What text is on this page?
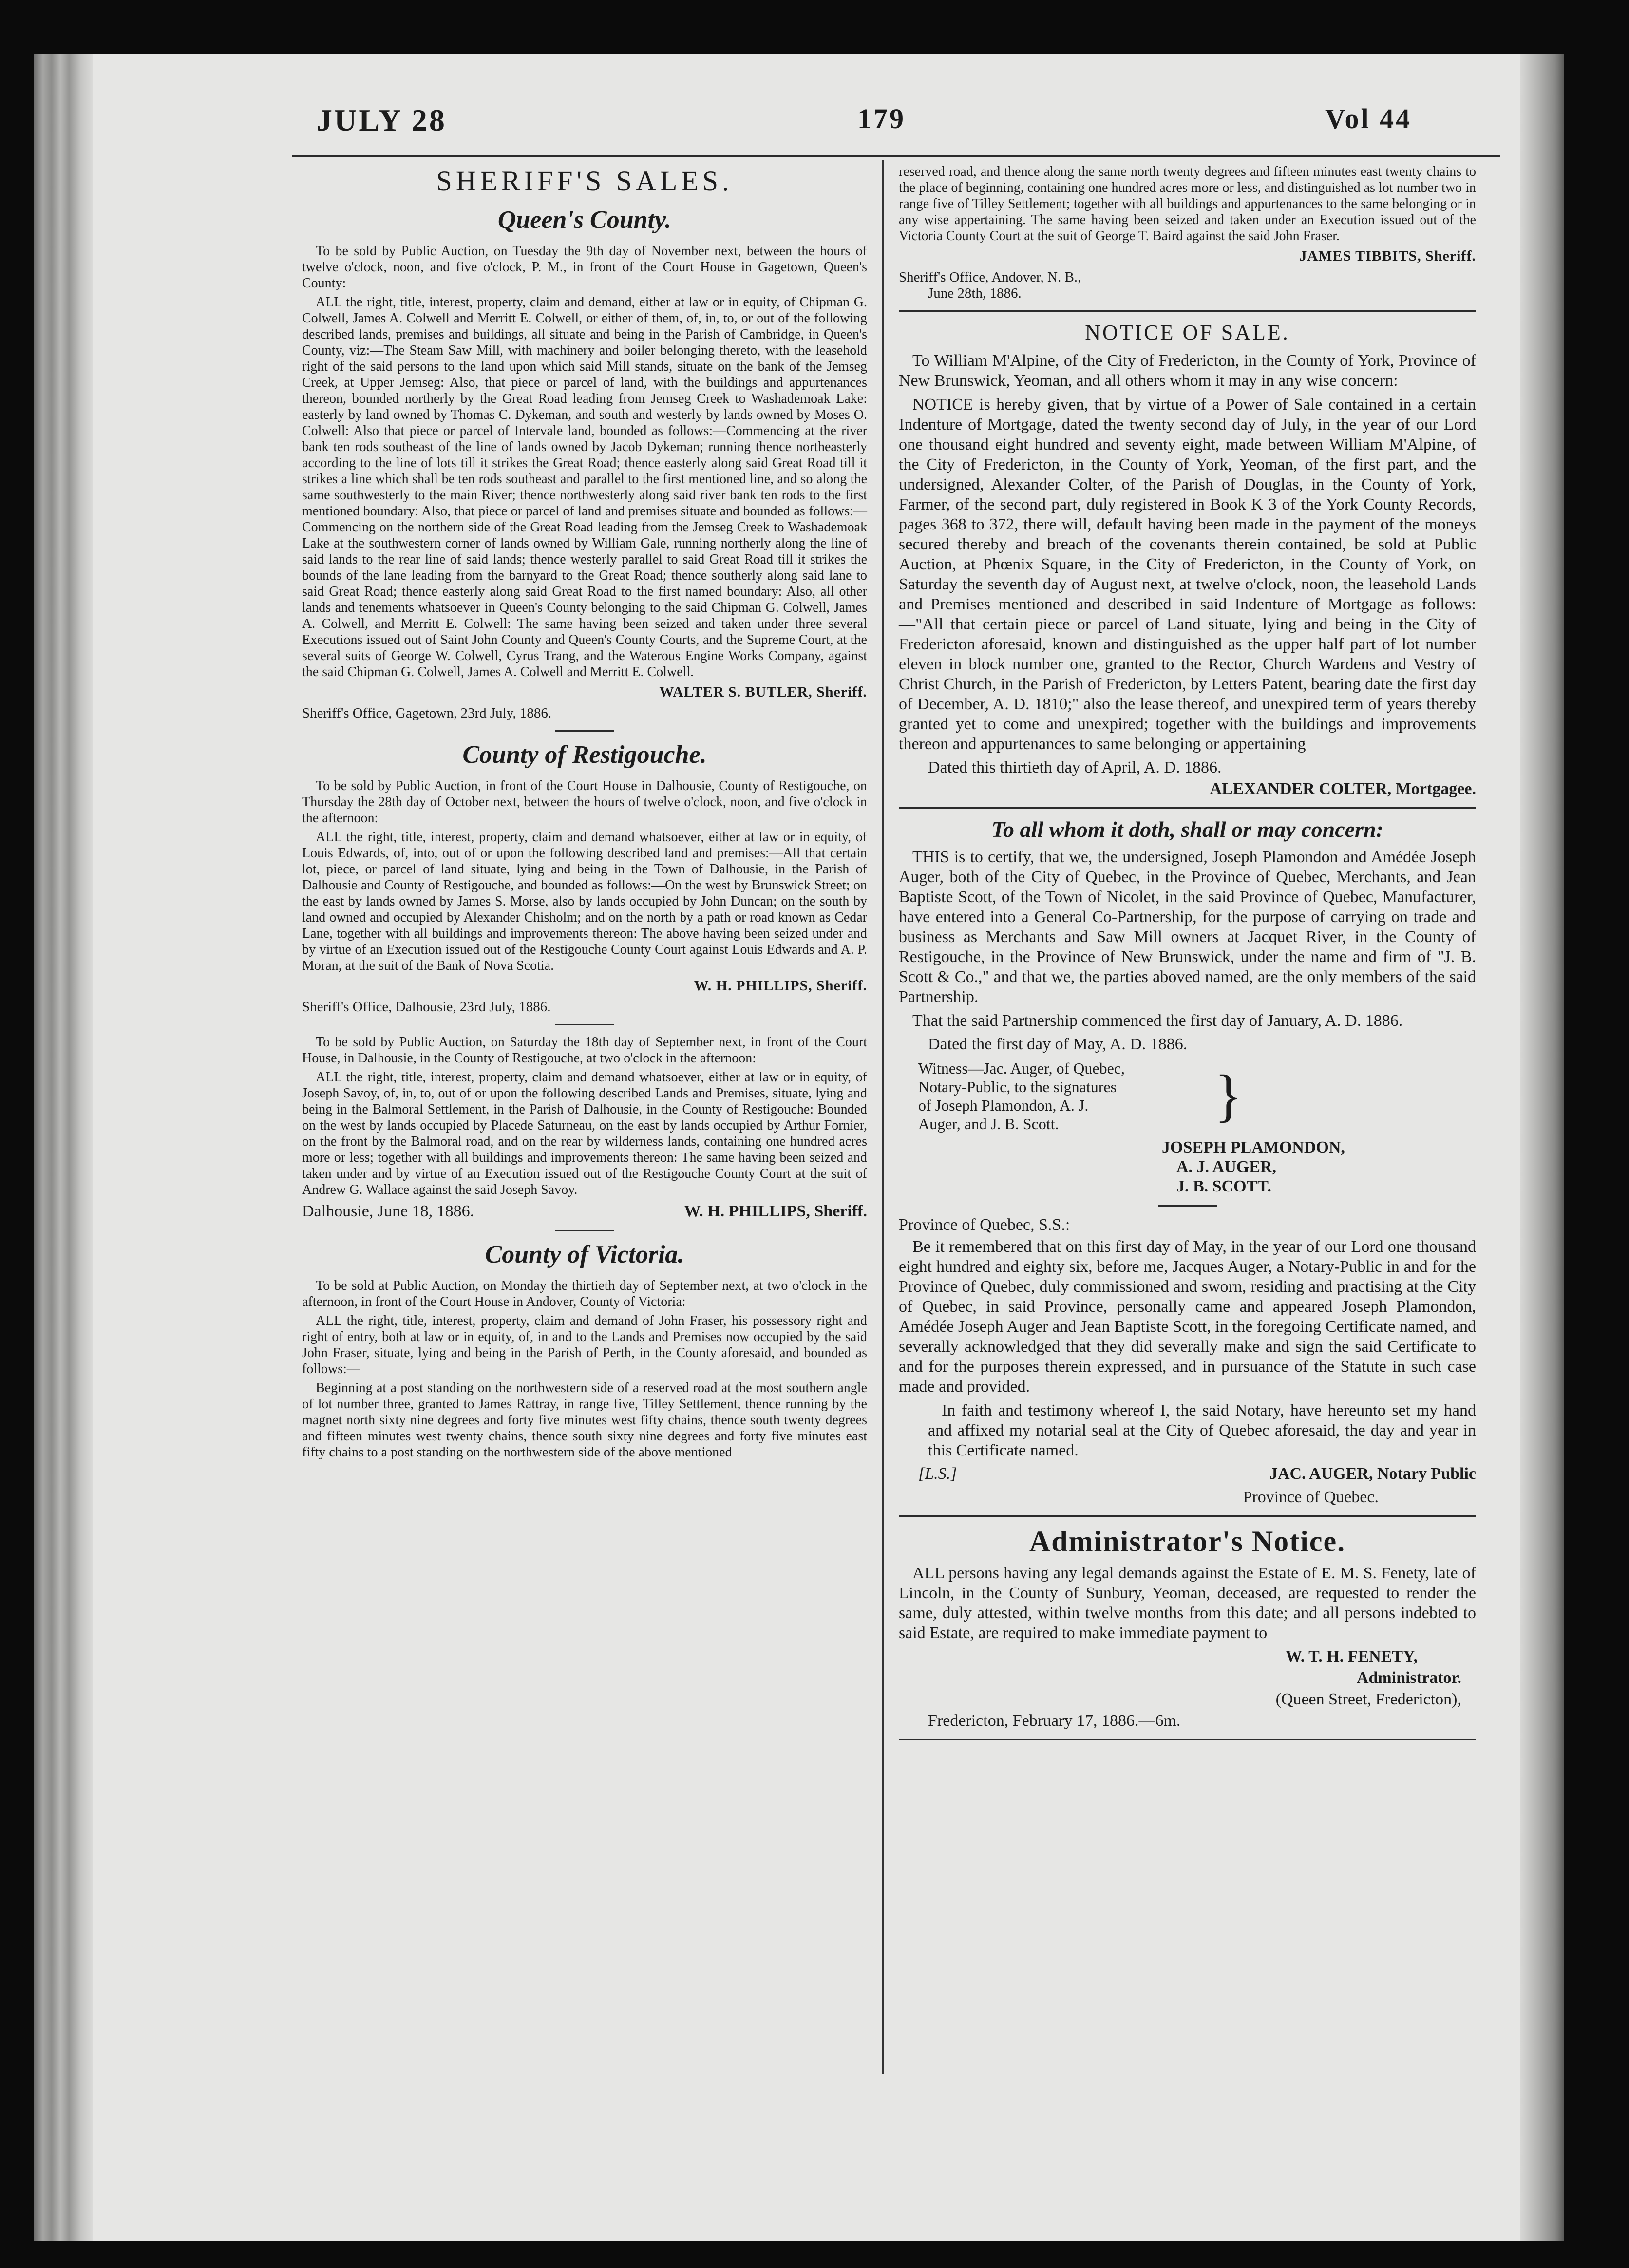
JULY 28	179	Vol 44
SHERIFF'S SALES.
Queen's County.

To be sold by Public Auction, on Tuesday the 9th day of November next, between the hours of twelve o'clock, noon, and five o'clock, P. M., in front of the Court House in Gagetown, Queen's County:

ALL the right, title, interest, property, claim and demand, either at law or in equity, of Chipman G. Colwell, James A. Colwell and Merritt E. Colwell, or either of them, of, in, to, or out of the following described lands, premises and buildings, all situate and being in the Parish of Cambridge, in Queen's County, viz:—The Steam Saw Mill, with machinery and boiler belonging thereto, with the leasehold right of the said persons to the land upon which said Mill stands, situate on the bank of the Jemseg Creek, at Upper Jemseg: Also, that piece or parcel of land, with the buildings and appurtenances thereon, bounded northerly by the Great Road leading from Jemseg Creek to Washademoak Lake: easterly by land owned by Thomas C. Dykeman, and south and westerly by lands owned by Moses O. Colwell: Also that piece or parcel of Intervale land, bounded as follows:—Commencing at the river bank ten rods southeast of the line of lands owned by Jacob Dykeman; running thence northeasterly according to the line of lots till it strikes the Great Road; thence easterly along said Great Road till it strikes a line which shall be ten rods southeast and parallel to the first mentioned line, and so along the same southwesterly to the main River; thence northwesterly along said river bank ten rods to the first mentioned boundary: Also, that piece or parcel of land and premises situate and bounded as follows:—Commencing on the northern side of the Great Road leading from the Jemseg Creek to Washademoak Lake at the southwestern corner of lands owned by William Gale, running northerly along the line of said lands to the rear line of said lands; thence westerly parallel to said Great Road till it strikes the bounds of the lane leading from the barnyard to the Great Road; thence southerly along said lane to said Great Road; thence easterly along said Great Road to the first named boundary: Also, all other lands and tenements whatsoever in Queen's County belonging to the said Chipman G. Colwell, James A. Colwell, and Merritt E. Colwell: The same having been seized and taken under three several Executions issued out of Saint John County and Queen's County Courts, and the Supreme Court, at the several suits of George W. Colwell, Cyrus Trang, and the Waterous Engine Works Company, against the said Chipman G. Colwell, James A. Colwell and Merritt E. Colwell.

WALTER S. BUTLER, Sheriff.
Sheriff's Office, Gagetown, 23rd July, 1886.
County of Restigouche.

To be sold by Public Auction, in front of the Court House in Dalhousie, County of Restigouche, on Thursday the 28th day of October next, between the hours of twelve o'clock, noon, and five o'clock in the afternoon:

ALL the right, title, interest, property, claim and demand whatsoever, either at law or in equity, of Louis Edwards, of, into, out of or upon the following described land and premises:—All that certain lot, piece, or parcel of land situate, lying and being in the Town of Dalhousie, in the Parish of Dalhousie and County of Restigouche, and bounded as follows:—On the west by Brunswick Street; on the east by lands owned by James S. Morse, also by lands occupied by John Duncan; on the south by land owned and occupied by Alexander Chisholm; and on the north by a path or road known as Cedar Lane, together with all buildings and improvements thereon: The above having been seized under and by virtue of an Execution issued out of the Restigouche County Court against Louis Edwards and A. P. Moran, at the suit of the Bank of Nova Scotia.

W. H. PHILLIPS, Sheriff.
Sheriff's Office, Dalhousie, 23rd July, 1886.

To be sold by Public Auction, on Saturday the 18th day of September next, in front of the Court House, in Dalhousie, in the County of Restigouche, at two o'clock in the afternoon:

ALL the right, title, interest, property, claim and demand whatsoever, either at law or in equity, of Joseph Savoy, of, in, to, out of or upon the following described Lands and Premises, situate, lying and being in the Balmoral Settlement, in the Parish of Dalhousie, in the County of Restigouche: Bounded on the west by lands occupied by Placede Saturneau, on the east by lands occupied by Arthur Fornier, on the front by the Balmoral road, and on the rear by wilderness lands, containing one hundred acres more or less; together with all buildings and improvements thereon: The same having been seized and taken under and by virtue of an Execution issued out of the Restigouche County Court at the suit of Andrew G. Wallace against the said Joseph Savoy.

Dalhousie, June 18, 1886.	W. H. PHILLIPS, Sheriff.
County of Victoria.

To be sold at Public Auction, on Monday the thirtieth day of September next, at two o'clock in the afternoon, in front of the Court House in Andover, County of Victoria:

ALL the right, title, interest, property, claim and demand of John Fraser, his possessory right and right of entry, both at law or in equity, of, in and to the Lands and Premises now occupied by the said John Fraser, situate, lying and being in the Parish of Perth, in the County aforesaid, and bounded as follows:—

Beginning at a post standing on the northwestern side of a reserved road at the most southern angle of lot number three, granted to James Rattray, in range five, Tilley Settlement, thence running by the magnet north sixty nine degrees and forty five minutes west fifty chains, thence south twenty degrees and fifteen minutes west twenty chains, thence south sixty nine degrees and forty five minutes east fifty chains to a post standing on the northwestern side of the above mentioned

reserved road, and thence along the same north twenty degrees and fifteen minutes east twenty chains to the place of beginning, containing one hundred acres more or less, and distinguished as lot number two in range five of Tilley Settlement; together with all buildings and appurtenances to the same belonging or in any wise appertaining. The same having been seized and taken under an Execution issued out of the Victoria County Court at the suit of George T. Baird against the said John Fraser.

JAMES TIBBITS, Sheriff.
Sheriff's Office, Andover, N. B.,
June 28th, 1886.
NOTICE OF SALE.

To William M'Alpine, of the City of Fredericton, in the County of York, Province of New Brunswick, Yeoman, and all others whom it may in any wise concern:

NOTICE is hereby given, that by virtue of a Power of Sale contained in a certain Indenture of Mortgage, dated the twenty second day of July, in the year of our Lord one thousand eight hundred and seventy eight, made between William M'Alpine, of the City of Fredericton, in the County of York, Yeoman, of the first part, and the undersigned, Alexander Colter, of the Parish of Douglas, in the County of York, Farmer, of the second part, duly registered in Book K 3 of the York County Records, pages 368 to 372, there will, default having been made in the payment of the moneys secured thereby and breach of the covenants therein contained, be sold at Public Auction, at Phœnix Square, in the City of Fredericton, in the County of York, on Saturday the seventh day of August next, at twelve o'clock, noon, the leasehold Lands and Premises mentioned and described in said Indenture of Mortgage as follows:—"All that certain piece or parcel of Land situate, lying and being in the City of Fredericton aforesaid, known and distinguished as the upper half part of lot number eleven in block number one, granted to the Rector, Church Wardens and Vestry of Christ Church, in the Parish of Fredericton, by Letters Patent, bearing date the first day of December, A. D. 1810;" also the lease thereof, and unexpired term of years thereby granted yet to come and unexpired; together with the buildings and improvements thereon and appurtenances to same belonging or appertaining

Dated this thirtieth day of April, A. D. 1886.
ALEXANDER COLTER, Mortgagee.
To all whom it doth, shall or may concern:

THIS is to certify, that we, the undersigned, Joseph Plamondon and Amédée Joseph Auger, both of the City of Quebec, in the Province of Quebec, Merchants, and Jean Baptiste Scott, of the Town of Nicolet, in the said Province of Quebec, Manufacturer, have entered into a General Co-Partnership, for the purpose of carrying on trade and business as Merchants and Saw Mill owners at Jacquet River, in the County of Restigouche, in the Province of New Brunswick, under the name and firm of "J. B. Scott & Co.," and that we, the parties aboved named, are the only members of the said Partnership.

That the said Partnership commenced the first day of January, A. D. 1886.

Dated the first day of May, A. D. 1886.
Witness—Jac. Auger, of Quebec,
Notary-Public, to the signatures
of Joseph Plamondon, A. J.
Auger, and J. B. Scott.	}
JOSEPH PLAMONDON,
A. J. AUGER,
J. B. SCOTT.
Province of Quebec, S.S.:

Be it remembered that on this first day of May, in the year of our Lord one thousand eight hundred and eighty six, before me, Jacques Auger, a Notary-Public in and for the Province of Quebec, duly commissioned and sworn, residing and practising at the City of Quebec, in said Province, personally came and appeared Joseph Plamondon, Amédée Joseph Auger and Jean Baptiste Scott, in the foregoing Certificate named, and severally acknowledged that they did severally make and sign the said Certificate to and for the purposes therein expressed, and in pursuance of the Statute in such case made and provided.

In faith and testimony whereof I, the said Notary, have hereunto set my hand and affixed my notarial seal at the City of Quebec aforesaid, the day and year in this Certificate named.

[L.S.]	JAC. AUGER, Notary Public
Province of Quebec.
Administrator's Notice.

ALL persons having any legal demands against the Estate of E. M. S. Fenety, late of Lincoln, in the County of Sunbury, Yeoman, deceased, are requested to render the same, duly attested, within twelve months from this date; and all persons indebted to said Estate, are required to make immediate payment to

W. T. H. FENETY,
Administrator.
(Queen Street, Fredericton),
Fredericton, February 17, 1886.—6m.
